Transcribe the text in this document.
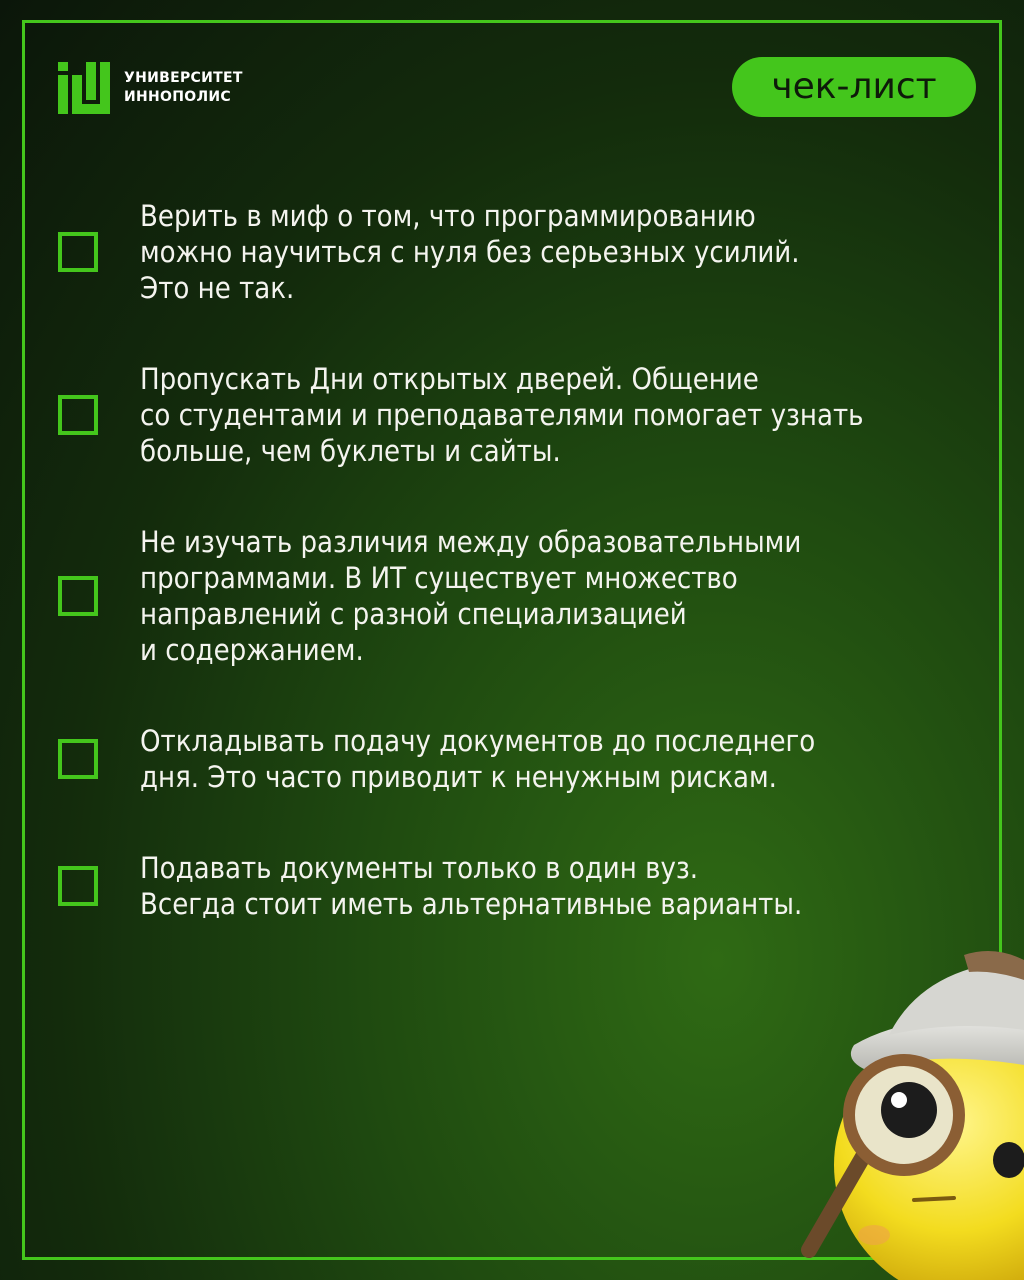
УНИВЕРСИТЕТ
ИННОПОЛИС	чек-лист
Верить в миф о том, что программированию
можно научиться с нуля без серьезных усилий.
Это не так.
Пропускать Дни открытых дверей. Общение
со студентами и преподавателями помогает узнать
больше, чем буклеты и сайты.
Не изучать различия между образовательными
программами. В ИТ существует множество
направлений с разной специализацией
и содержанием.
Откладывать подачу документов до последнего
дня. Это часто приводит к ненужным рискам.
Подавать документы только в один вуз.
Всегда стоит иметь альтернативные варианты.
